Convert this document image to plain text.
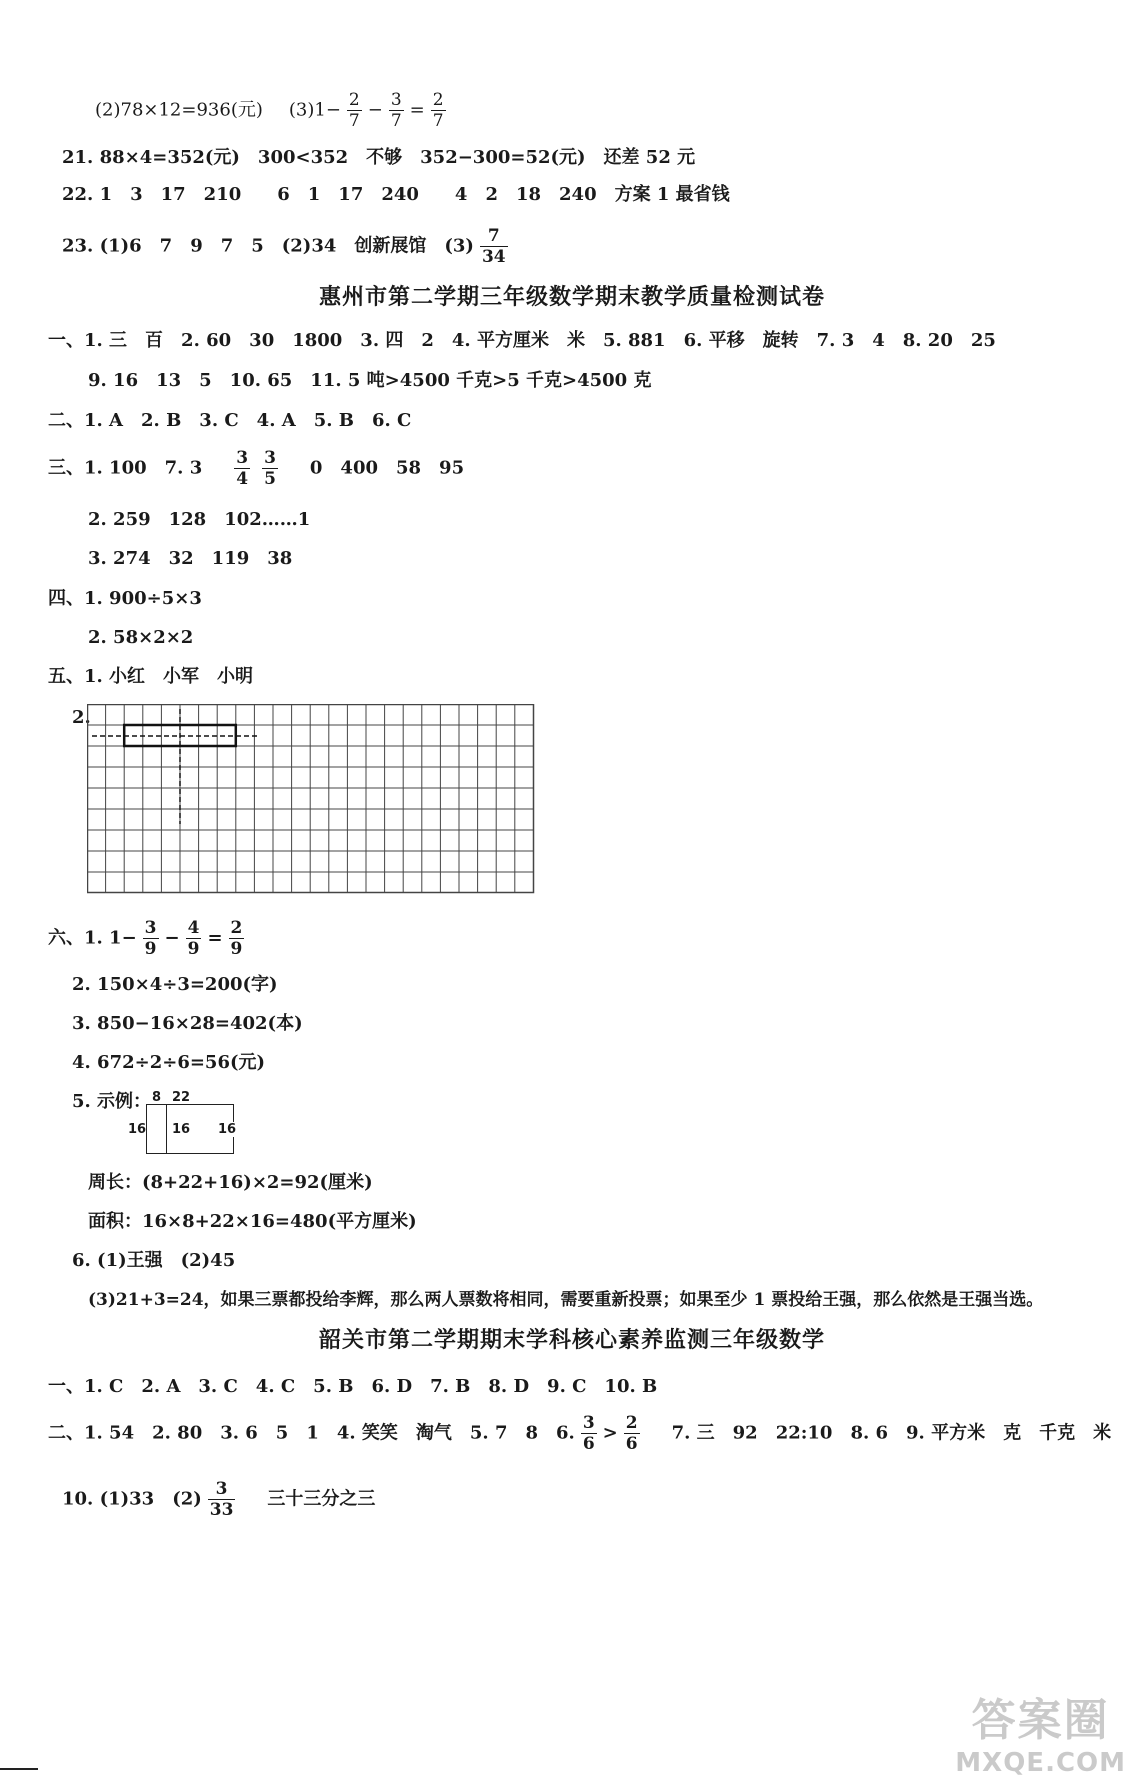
(2)78×12=936(元) $(3)1- \frac{2}{7} - \frac{3}{7} = \frac{2}{7}$
21. 88×4=352(元)　300<352　不够　352−300=52(元)　还差 52 元
22. 1　3　17　210　　6　1　17　240　　4　2　18　240　方案 1 最省钱
23. (1)6　7　9　7　5　(2)34　创新展馆　$(3) \frac{7}{34}$
惠州市第二学期三年级数学期末教学质量检测试卷
一、1. 三　百　2. 60　30　1800　3. 四　2　4. 平方厘米　米　5. 881　6. 平移　旋转　7. 3　4　8. 20　25
9. 16　13　5　10. 65　11. 5 吨>4500 千克>5 千克>4500 克
二、1. A　2. B　3. C　4. A　5. B　6. C
三、1. 100　7. $3 \frac{3}{4} \frac{3}{5} 0$　400　58　95
2. 259　128　102……1
3. 274　32　119　38
四、1. 900÷5×3
2. 58×2×2
五、1. 小红　小军　小明
2.
六、1. $1- \frac{3}{9} - \frac{4}{9} = \frac{2}{9}$
2. 150×4÷3=200(字)
3. 850−16×28=402(本)
4. 672÷2÷6=56(元)
5. 示例： 8 22
16 16 16
周长：(8+22+16)×2=92(厘米)
面积：16×8+22×16=480(平方厘米)
6. (1)王强　(2)45
(3)21+3=24，如果三票都投给李辉，那么两人票数将相同，需要重新投票；如果至少 1 票投给王强，那么依然是王强当选。
韶关市第二学期期末学科核心素养监测三年级数学
一、1. C　2. A　3. C　4. C　5. B　6. D　7. B　8. D　9. C　10. B
二、1. 54　2. 80　3. 6　5　1　4. 笑笑　淘气　5. 7　8　6. $\frac{3}{6} > \frac{2}{6} 7$. 三　92　22:10　8. 6　9. 平方米　克　千克　米
10. (1)33　$(2) \frac{3}{33}$ 三十三分之三
答案圈
MXQE.COM
